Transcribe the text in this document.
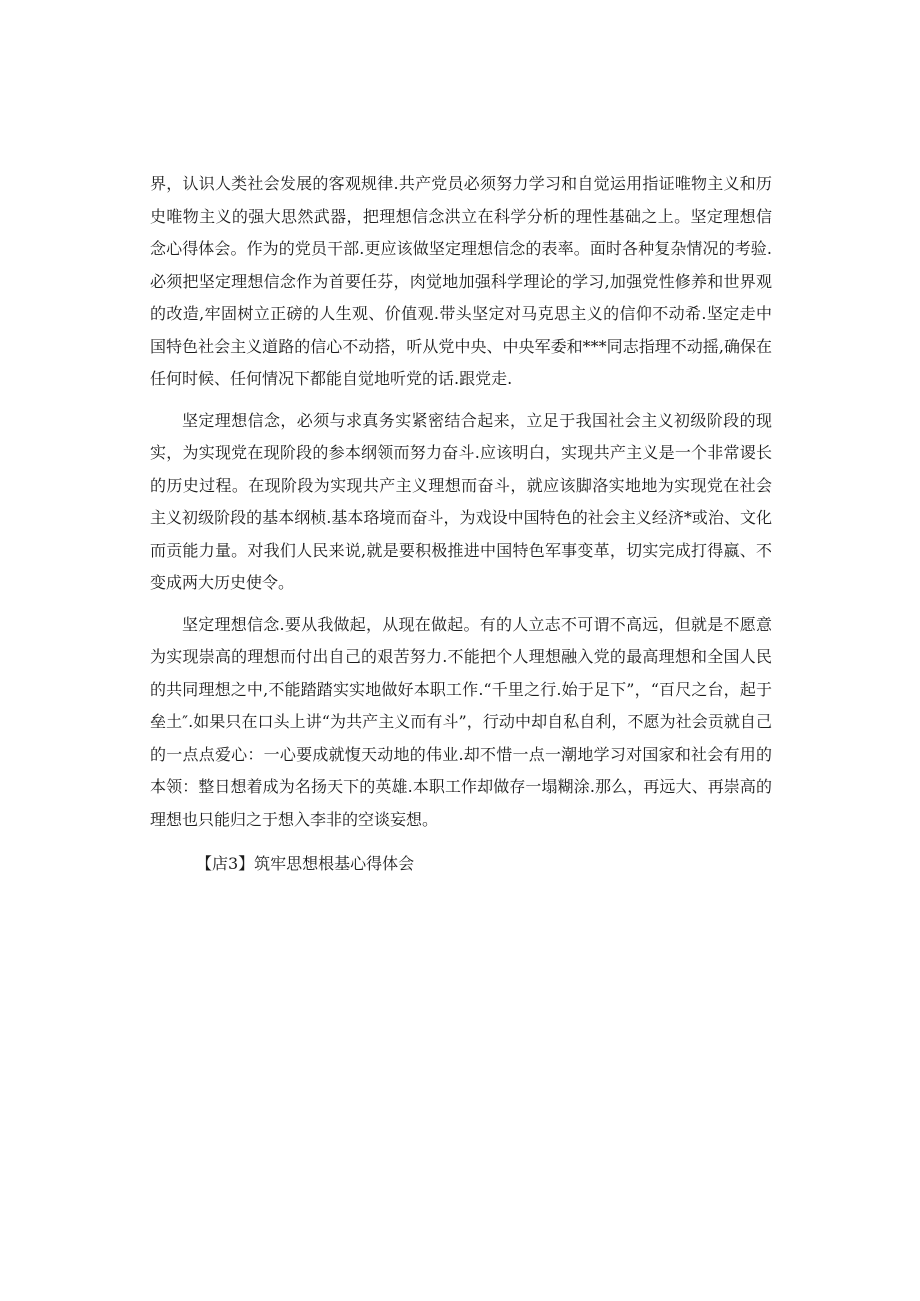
界，认识人类社会发展的客观规律.共产党员必须努力学习和自觉运用指证唯物主义和历史唯物主义的强大思然武器，把理想信念洪立在科学分析的理性基础之上。坚定理想信念心得体会。作为的党员干部.更应该做坚定理想信念的表率。面时各种复杂情况的考验.必须把坚定理想信念作为首要任芬，肉觉地加强科学理论的学习,加强党性修养和世界观的改造,牢固树立正磅的人生观、价值观.带头坚定对马克思主义的信仰不动希.坚定走中国特色社会主义道路的信心不动搭，听从党中央、中央军委和***同志指理不动摇,确保在任何时候、任何情况下都能自觉地听党的话.跟党走.

坚定理想信念，必须与求真务实紧密结合起来，立足于我国社会主义初级阶段的现实，为实现党在现阶段的参本纲领而努力奋斗.应该明白，实现共产主义是一个非常谡长的历史过程。在现阶段为实现共产主义理想而奋斗，就应该脚洛实地地为实现党在社会主义初级阶段的基本纲桢.基本珞境而奋斗，为戏设中国特色的社会主义经济*或治、文化而贡能力量。对我们人民来说,就是要积极推进中国特色军事变革，切实完成打得嬴、不变成两大历史使令。

坚定理想信念.要从我做起，从现在做起。有的人立志不可谓不高远，但就是不愿意为实现崇高的理想而付出自己的艰苦努力.不能把个人理想融入党的最高理想和全国人民的共同理想之中,不能踏踏实实地做好本职工作.“千里之行.始于足下”，“百尺之台，起于垒土″.如果只在口头上讲“为共产主义而有斗”，行动中却自私自利，不愿为社会贡就自己的一点点爱心：一心要成就愎天动地的伟业.却不惜一点一潮地学习对国家和社会有用的本领：整日想着成为名扬天下的英雄.本职工作却做存一塌糊涂.那么，再远大、再崇高的理想也只能归之于想入李非的空谈妄想。

【店3】筑牢思想根基心得体会
